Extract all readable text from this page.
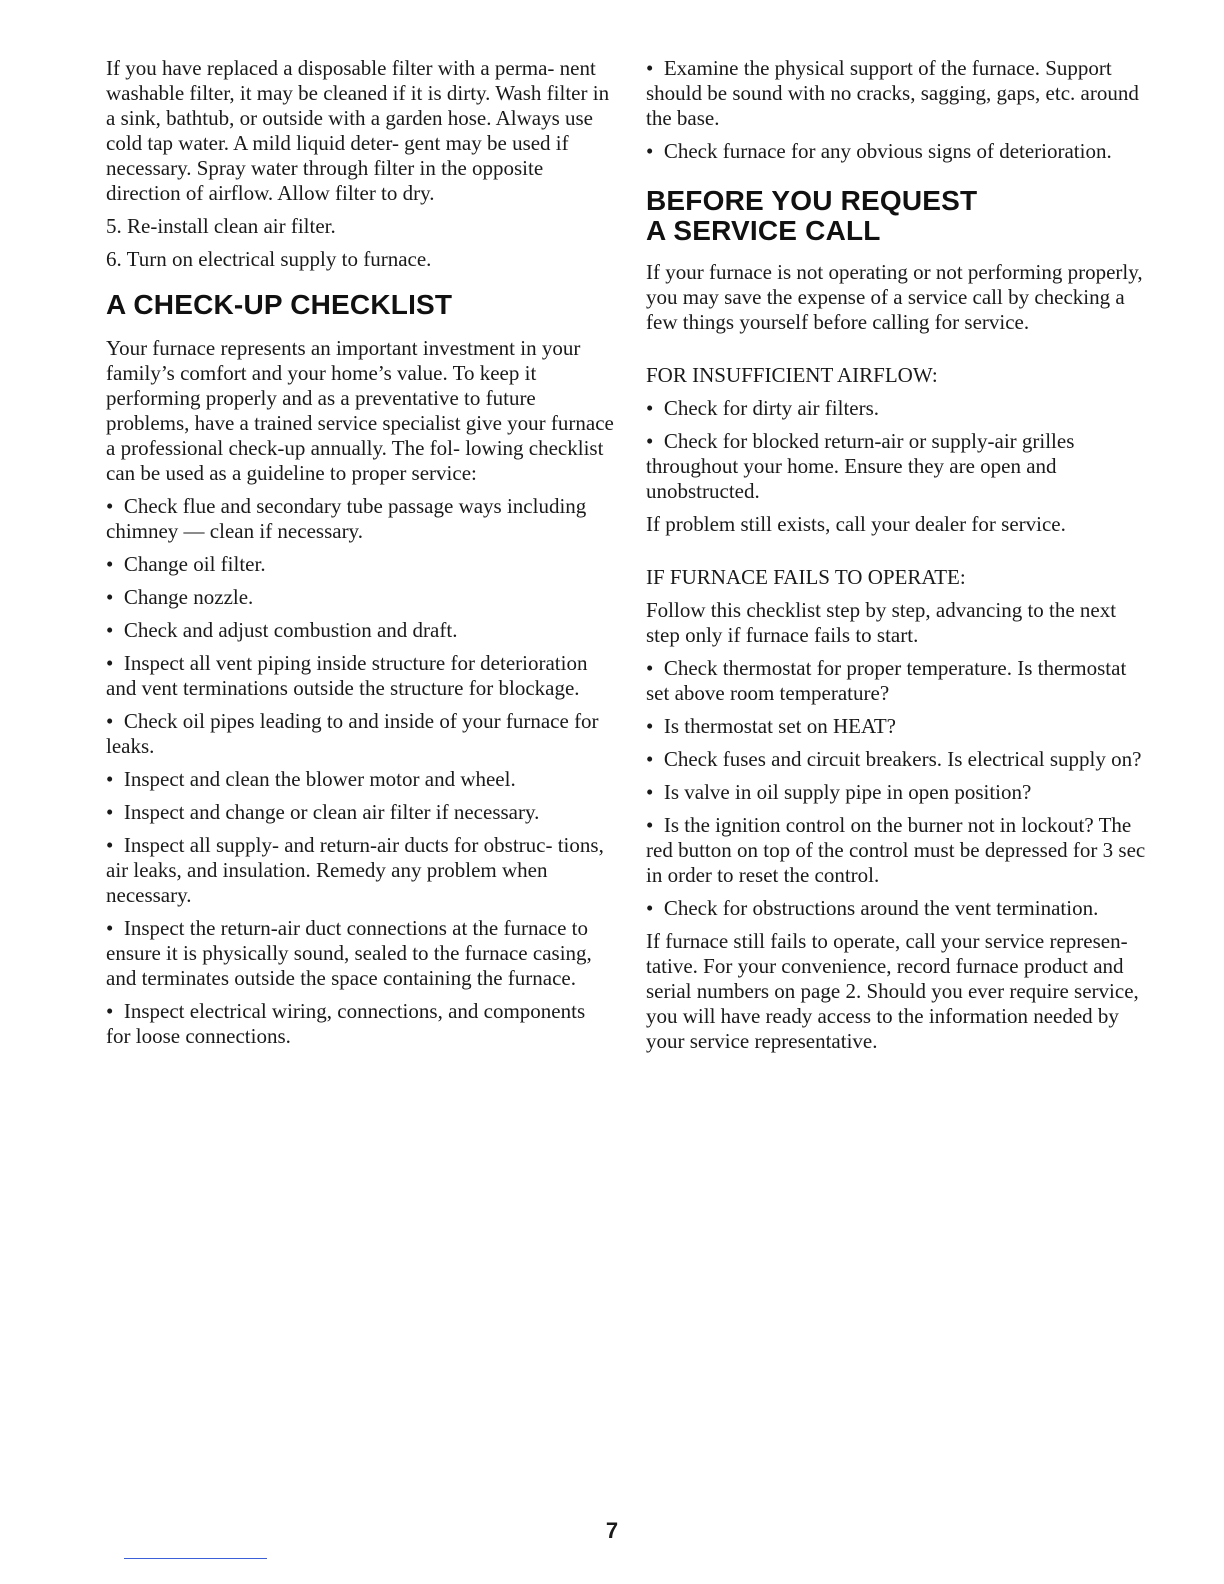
If you have replaced a disposable filter with a perma- nent washable filter, it may be cleaned if it is dirty. Wash filter in a sink, bathtub, or outside with a garden hose. Always use cold tap water. A mild liquid deter- gent may be used if necessary. Spray water through filter in the opposite direction of airflow. Allow filter to dry.

5. Re-install clean air filter.

6. Turn on electrical supply to furnace.

A CHECK-UP CHECKLIST

Your furnace represents an important investment in your family’s comfort and your home’s value. To keep it performing properly and as a preventative to future problems, have a trained service specialist give your furnace a professional check-up annually. The fol- lowing checklist can be used as a guideline to proper service:

•  Check flue and secondary tube passage ways including chimney — clean if necessary.

•  Change oil filter.

•  Change nozzle.

•  Check and adjust combustion and draft.

•  Inspect all vent piping inside structure for deterioration and vent terminations outside the structure for blockage.

•  Check oil pipes leading to and inside of your furnace for leaks.

•  Inspect and clean the blower motor and wheel.

•  Inspect and change or clean air filter if necessary.

•  Inspect all supply- and return-air ducts for obstruc- tions, air leaks, and insulation. Remedy any problem when necessary.

•  Inspect the return-air duct connections at the furnace to ensure it is physically sound, sealed to the furnace casing, and terminates outside the space containing the furnace.

•  Inspect electrical wiring, connections, and components for loose connections.

•  Examine the physical support of the furnace. Support should be sound with no cracks, sagging, gaps, etc. around the base.

•  Check furnace for any obvious signs of deterioration.

BEFORE YOU REQUEST
A SERVICE CALL

If your furnace is not operating or not performing properly, you may save the expense of a service call by checking a few things yourself before calling for service.

FOR INSUFFICIENT AIRFLOW:

•  Check for dirty air filters.

•  Check for blocked return-air or supply-air grilles throughout your home. Ensure they are open and unobstructed.

If problem still exists, call your dealer for service.

IF FURNACE FAILS TO OPERATE:

Follow this checklist step by step, advancing to the next step only if furnace fails to start.

•  Check thermostat for proper temperature. Is thermostat set above room temperature?

•  Is thermostat set on HEAT?

•  Check fuses and circuit breakers. Is electrical supply on?

•  Is valve in oil supply pipe in open position?

•  Is the ignition control on the burner not in lockout? The red button on top of the control must be depressed for 3 sec in order to reset the control.

•  Check for obstructions around the vent termination.

If furnace still fails to operate, call your service represen- tative. For your convenience, record furnace product and serial numbers on page 2. Should you ever require service, you will have ready access to the information needed by your service representative.

7
